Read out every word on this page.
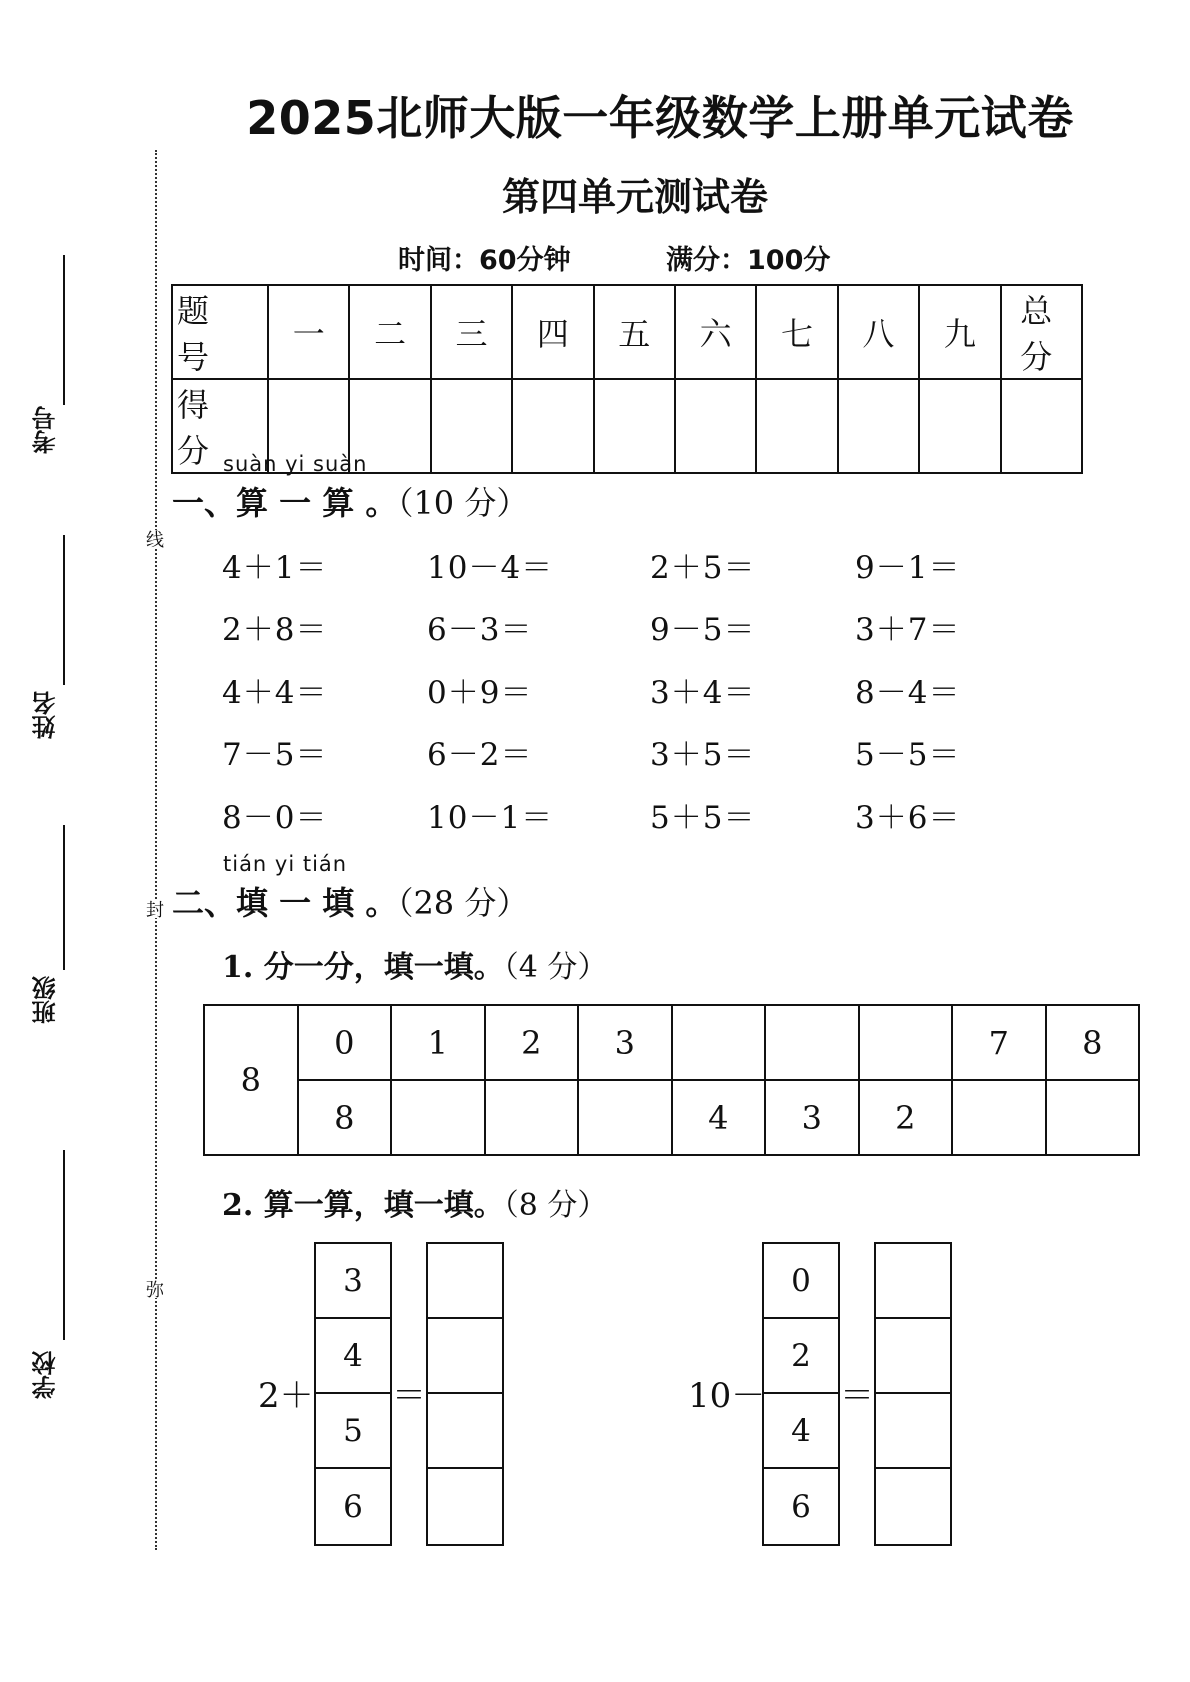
考号
姓名
班级
学校
线
封
弥
2025北师大版一年级数学上册单元试卷
第四单元测试卷
时间：60分钟	满分：100分
题 号	一	二	三	四	五	六	七	八	九	总 分
得 分										suàn yi suàn
一、算 一 算 。（10 分）
4＋1＝	10－4＝	2＋5＝	9－1＝
2＋8＝	6－3＝	9－5＝	3＋7＝
4＋4＝	0＋9＝	3＋4＝	8－4＝
7－5＝	6－2＝	3＋5＝	5－5＝
8－0＝	10－1＝	5＋5＝	3＋6＝
tián yi tián
二、填 一 填 。（28 分）
1. 分一分，填一填。（4 分）
8	0	1	2	3				7	8
	8				4	3	2		
2. 算一算，填一填。（8 分）
2＋
3
4
5
6
＝	10－
0
2
4
6
＝
